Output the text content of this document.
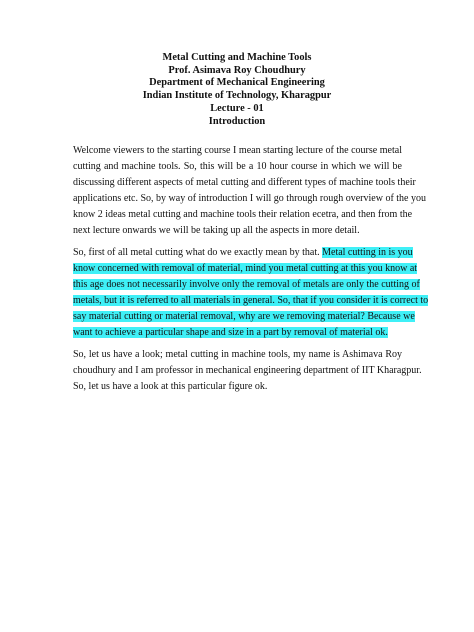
Metal Cutting and Machine Tools
Prof. Asimava Roy Choudhury
Department of Mechanical Engineering
Indian Institute of Technology, Kharagpur
Lecture - 01
Introduction
Welcome viewers to the starting course I mean starting lecture of the course metal
cutting and machine tools. So, this will be a 10 hour course in which we will be
discussing different aspects of metal cutting and different types of machine tools their
applications etc. So, by way of introduction I will go through rough overview of the you
know 2 ideas metal cutting and machine tools their relation ecetra, and then from the
next lecture onwards we will be taking up all the aspects in more detail.
So, first of all metal cutting what do we exactly mean by that. Metal cutting in is you
know concerned with removal of material, mind you metal cutting at this you know at
this age does not necessarily involve only the removal of metals are only the cutting of
metals, but it is referred to all materials in general. So, that if you consider it is correct to
say material cutting or material removal, why are we removing material? Because we
want to achieve a particular shape and size in a part by removal of material ok.
So, let us have a look; metal cutting in machine tools, my name is Ashimava Roy
choudhury and I am professor in mechanical engineering department of IIT Kharagpur.
So, let us have a look at this particular figure ok.
